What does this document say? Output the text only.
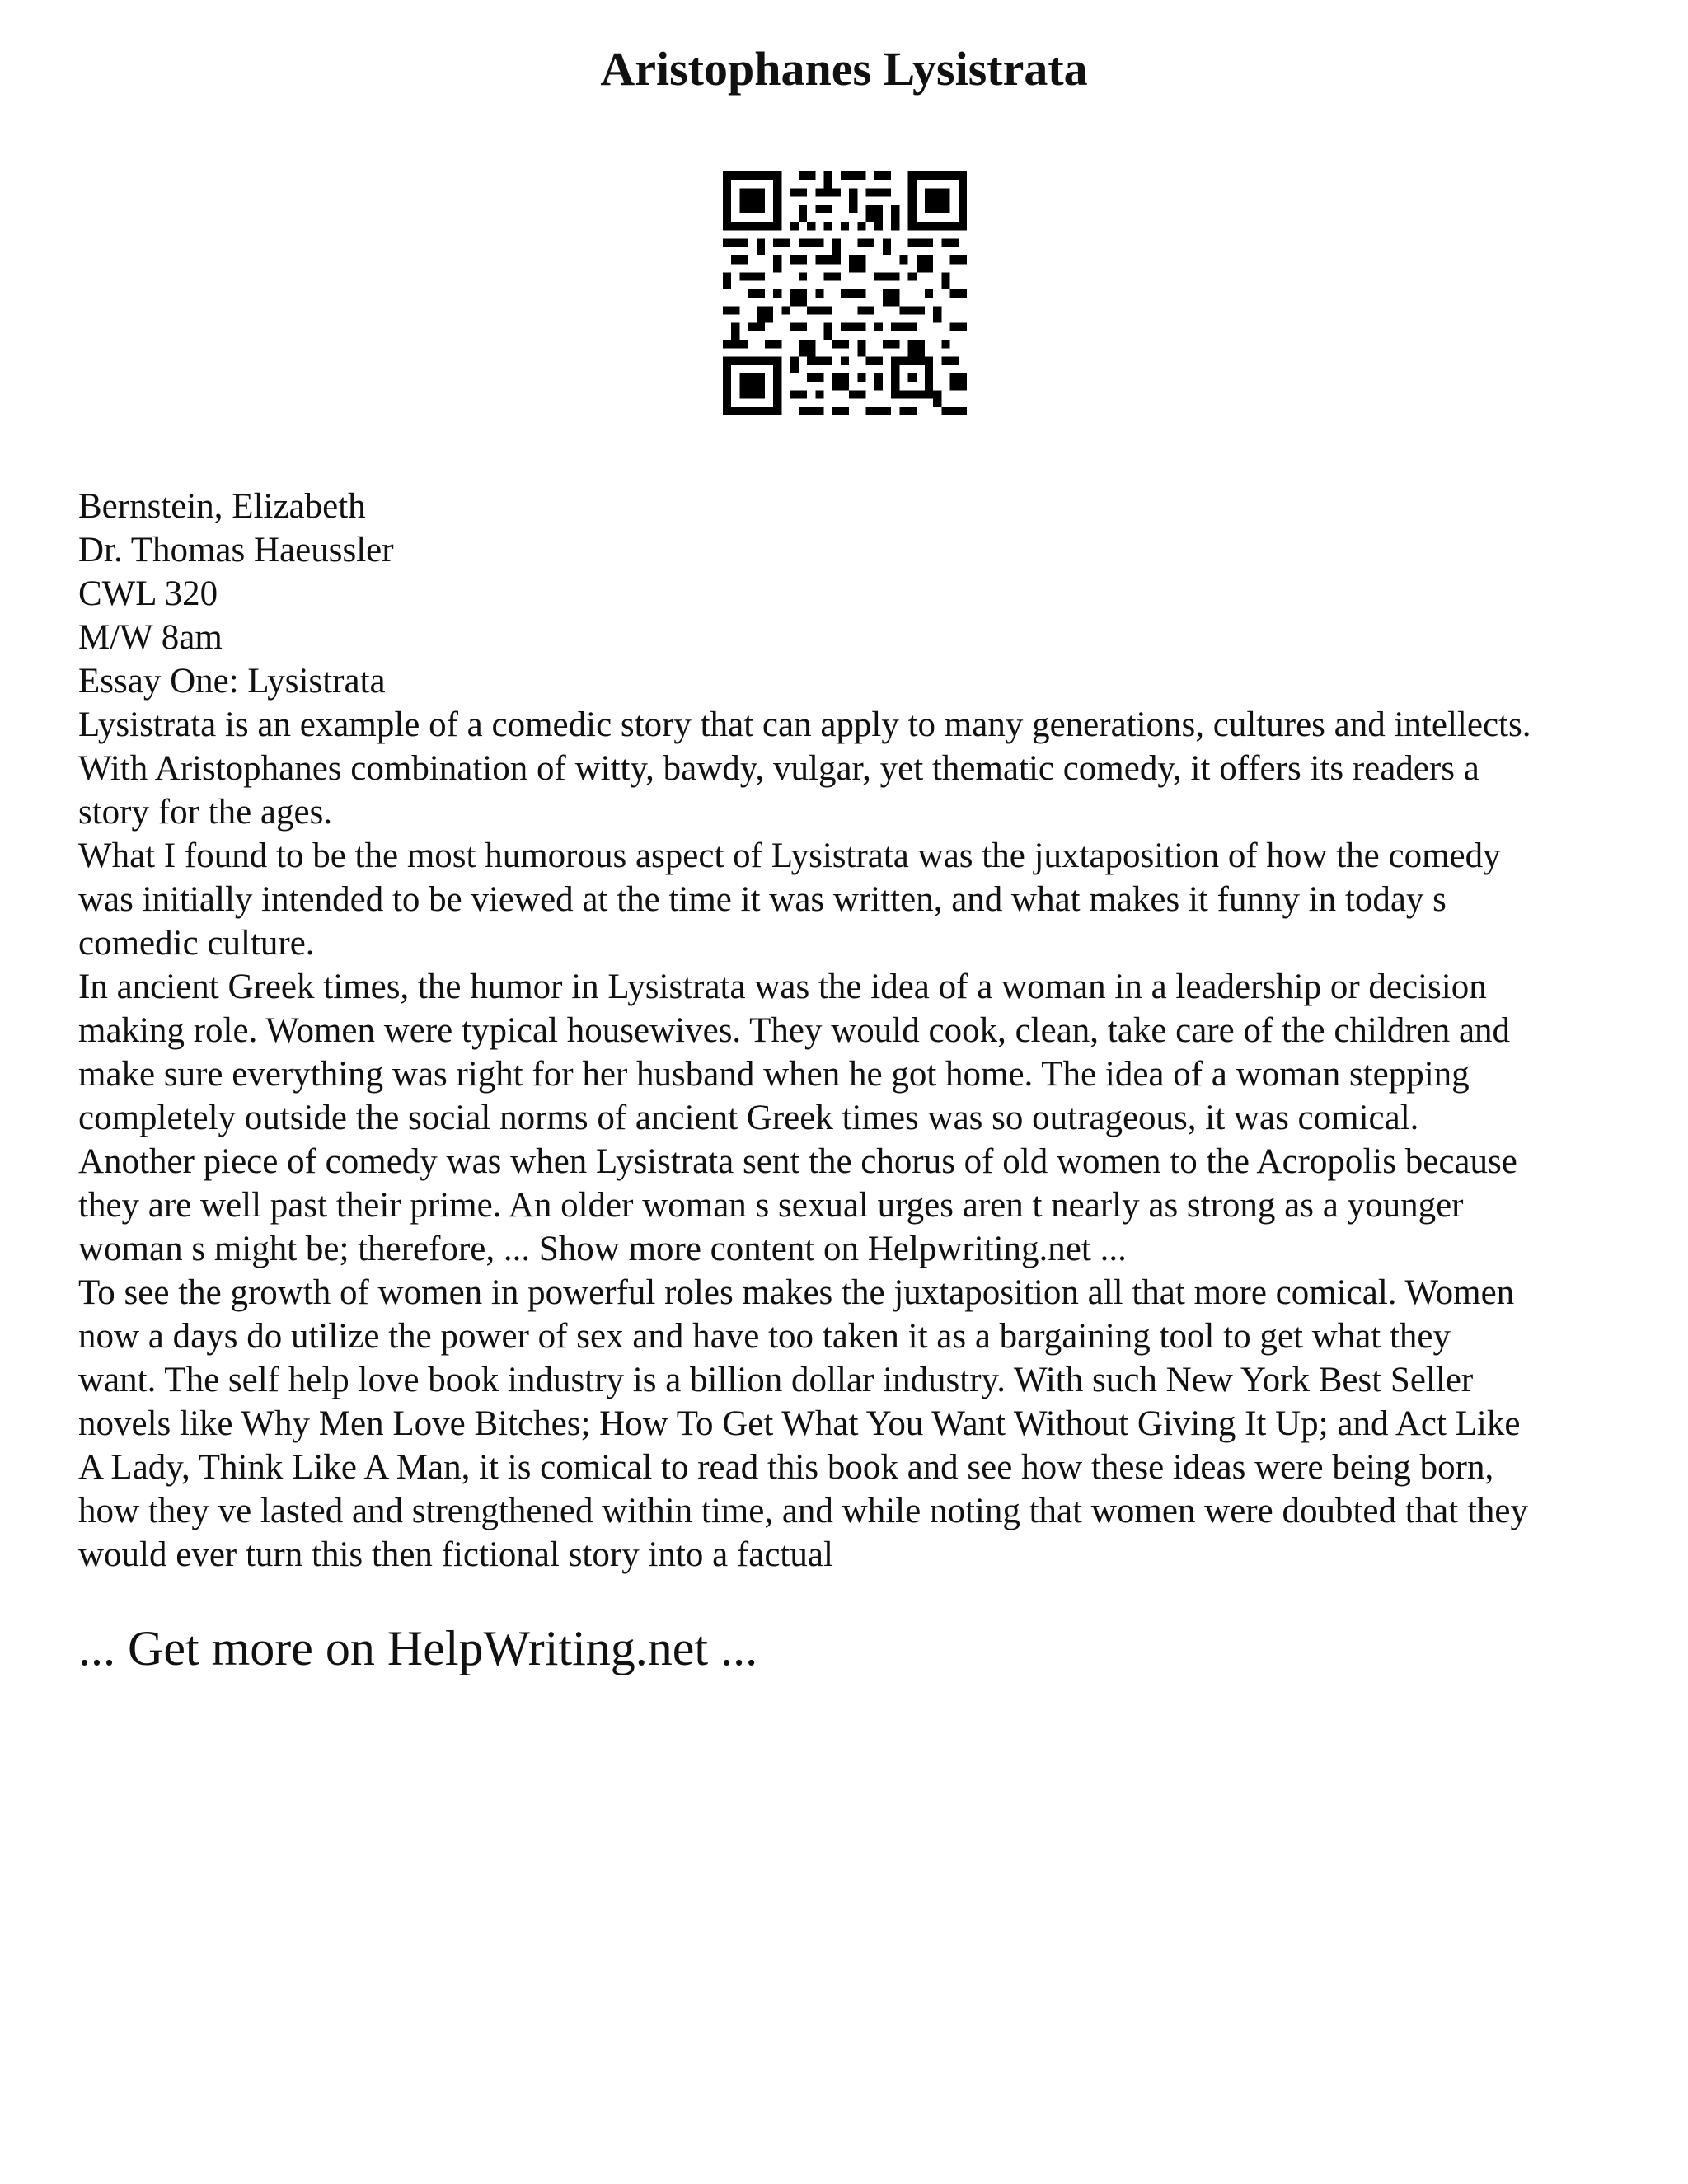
Aristophanes Lysistrata

Bernstein, Elizabeth

Dr. Thomas Haeussler

CWL 320

M/W 8am

Essay One: Lysistrata

Lysistrata is an example of a comedic story that can apply to many generations, cultures and intellects.

With Aristophanes combination of witty, bawdy, vulgar, yet thematic comedy, it offers its readers a

story for the ages.

What I found to be the most humorous aspect of Lysistrata was the juxtaposition of how the comedy

was initially intended to be viewed at the time it was written, and what makes it funny in today s

comedic culture.

In ancient Greek times, the humor in Lysistrata was the idea of a woman in a leadership or decision

making role. Women were typical housewives. They would cook, clean, take care of the children and

make sure everything was right for her husband when he got home. The idea of a woman stepping

completely outside the social norms of ancient Greek times was so outrageous, it was comical.

Another piece of comedy was when Lysistrata sent the chorus of old women to the Acropolis because

they are well past their prime. An older woman s sexual urges aren t nearly as strong as a younger

woman s might be; therefore, ... Show more content on Helpwriting.net ...

To see the growth of women in powerful roles makes the juxtaposition all that more comical. Women

now a days do utilize the power of sex and have too taken it as a bargaining tool to get what they

want. The self help love book industry is a billion dollar industry. With such New York Best Seller

novels like Why Men Love Bitches; How To Get What You Want Without Giving It Up; and Act Like

A Lady, Think Like A Man, it is comical to read this book and see how these ideas were being born,

how they ve lasted and strengthened within time, and while noting that women were doubted that they

would ever turn this then fictional story into a factual

... Get more on HelpWriting.net ...
